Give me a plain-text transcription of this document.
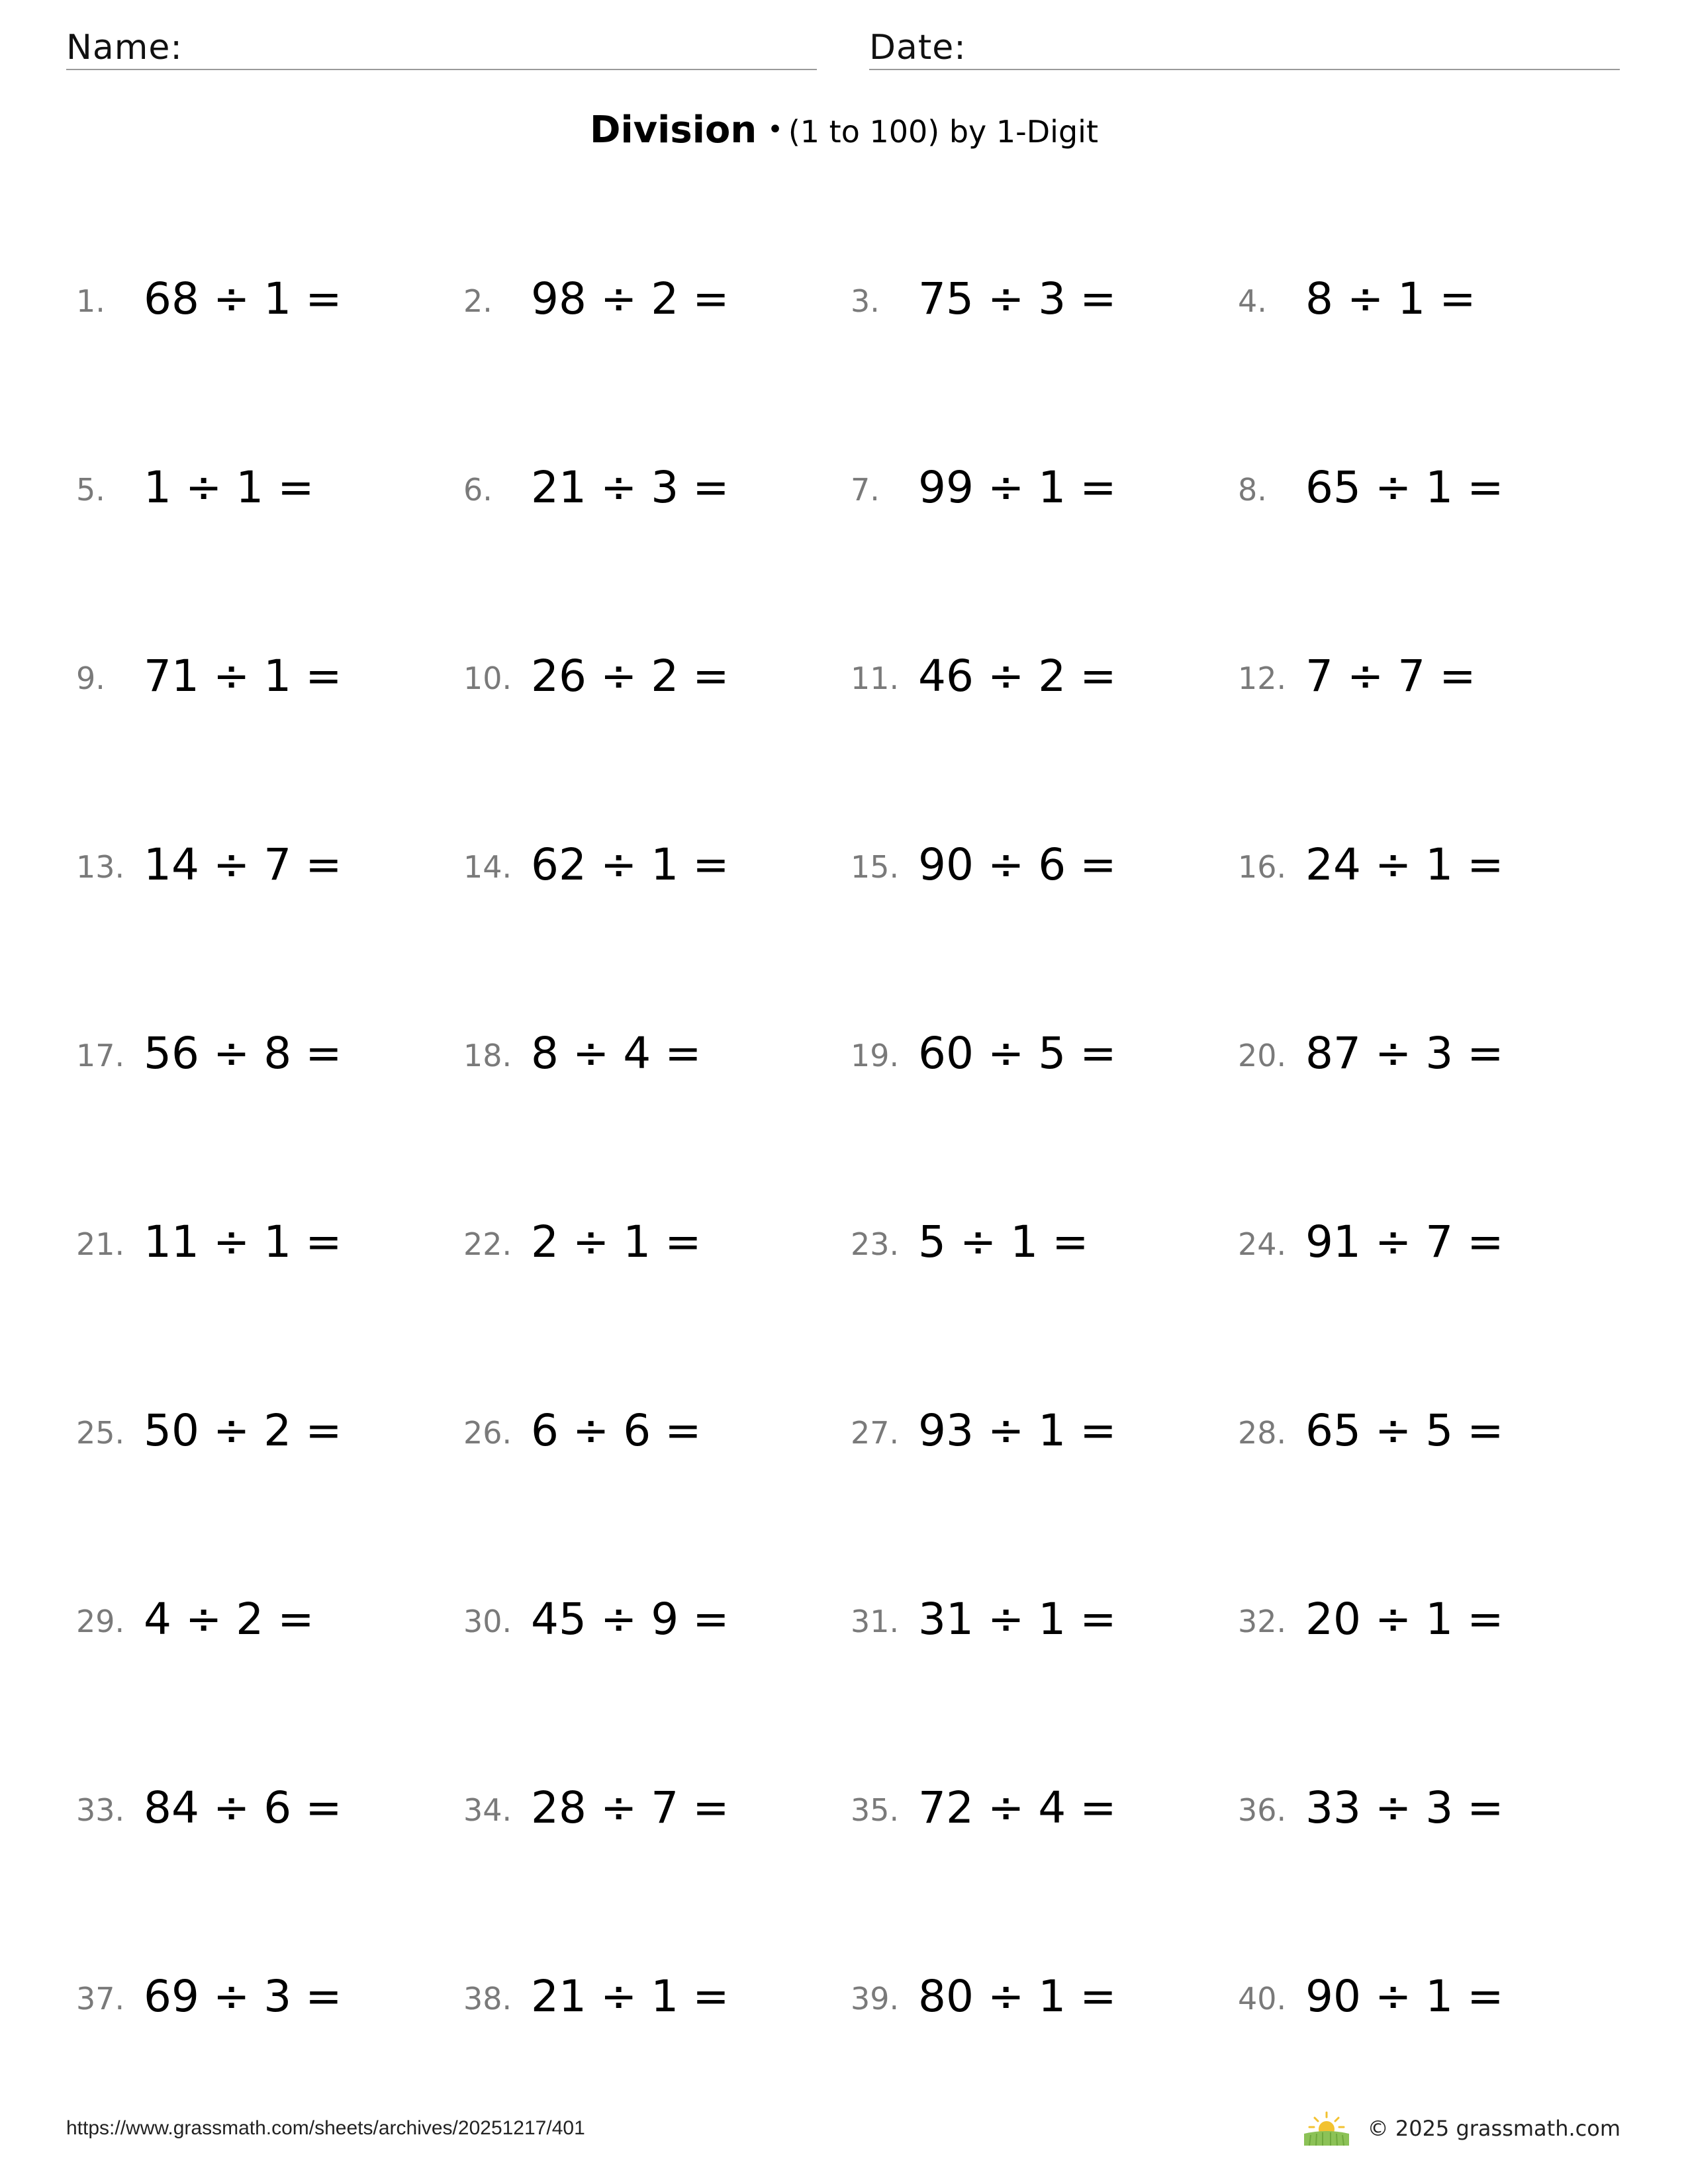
Name:	Date:
Division • (1 to 100) by 1-Digit
1. 68 ÷ 1 =	2. 98 ÷ 2 =	3. 75 ÷ 3 =	4. 8 ÷ 1 =
5. 1 ÷ 1 =	6. 21 ÷ 3 =	7. 99 ÷ 1 =	8. 65 ÷ 1 =
9. 71 ÷ 1 =	10. 26 ÷ 2 =	11. 46 ÷ 2 =	12. 7 ÷ 7 =
13. 14 ÷ 7 =	14. 62 ÷ 1 =	15. 90 ÷ 6 =	16. 24 ÷ 1 =
17. 56 ÷ 8 =	18. 8 ÷ 4 =	19. 60 ÷ 5 =	20. 87 ÷ 3 =
21. 11 ÷ 1 =	22. 2 ÷ 1 =	23. 5 ÷ 1 =	24. 91 ÷ 7 =
25. 50 ÷ 2 =	26. 6 ÷ 6 =	27. 93 ÷ 1 =	28. 65 ÷ 5 =
29. 4 ÷ 2 =	30. 45 ÷ 9 =	31. 31 ÷ 1 =	32. 20 ÷ 1 =
33. 84 ÷ 6 =	34. 28 ÷ 7 =	35. 72 ÷ 4 =	36. 33 ÷ 3 =
37. 69 ÷ 3 =	38. 21 ÷ 1 =	39. 80 ÷ 1 =	40. 90 ÷ 1 =
https://www.grassmath.com/sheets/archives/20251217/401	© 2025 grassmath.com
